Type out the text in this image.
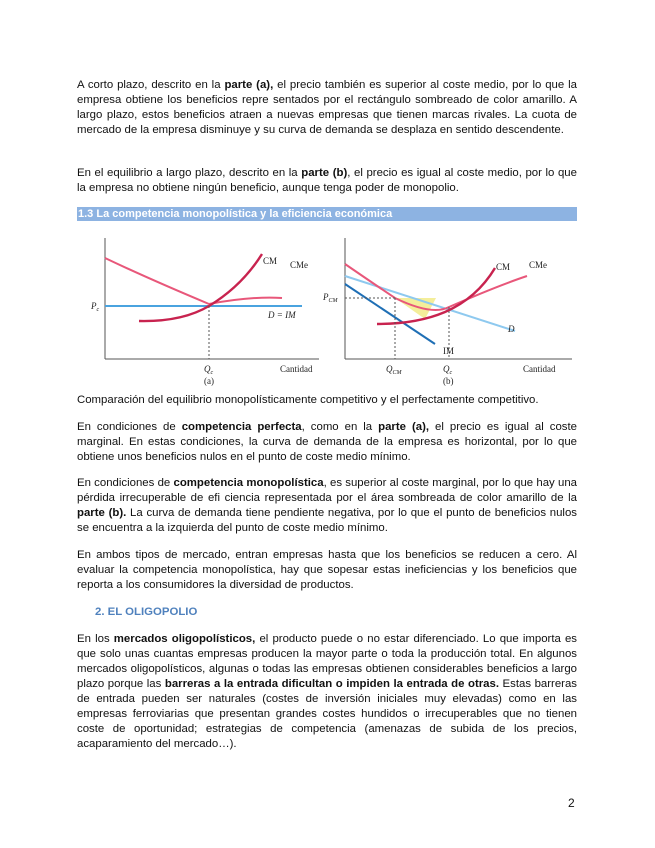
A corto plazo, descrito en la parte (a), el precio también es superior al coste medio, por lo que la empresa obtiene los beneficios repre sentados por el rectángulo sombreado de color amarillo. A largo plazo, estos beneficios atraen a nuevas empresas que tienen marcas rivales. La cuota de mercado de la empresa disminuye y su curva de demanda se desplaza en sentido descendente.

En el equilibrio a largo plazo, descrito en la parte (b), el precio es igual al coste medio, por lo que la empresa no obtiene ningún beneficio, aunque tenga poder de monopolio.

1.3 La competencia monopolística y la eficiencia económica
CM CMe
$P_c$	D = IM
$Q_c$	Cantidad
(a)
CM CMe
$P_{CM}$
D
IM
$Q_{CM}$	$Q_c$	Cantidad
(b)
Comparación del equilibrio monopolísticamente competitivo y el perfectamente competitivo.

En condiciones de competencia perfecta, como en la parte (a), el precio es igual al coste marginal. En estas condiciones, la curva de demanda de la empresa es horizontal, por lo que obtiene unos beneficios nulos en el punto de coste medio mínimo.

En condiciones de competencia monopolística, es superior al coste marginal, por lo que hay una pérdida irrecuperable de efi ciencia representada por el área sombreada de color amarillo de la parte (b). La curva de demanda tiene pendiente negativa, por lo que el punto de beneficios nulos se encuentra a la izquierda del punto de coste medio mínimo.

En ambos tipos de mercado, entran empresas hasta que los beneficios se reducen a cero. Al evaluar la competencia monopolística, hay que sopesar estas ineficiencias y los beneficios que reporta a los consumidores la diversidad de productos.

2. EL OLIGOPOLIO

En los mercados oligopolísticos, el producto puede o no estar diferenciado. Lo que importa es que solo unas cuantas empresas producen la mayor parte o toda la producción total. En algunos mercados oligopolísticos, algunas o todas las empresas obtienen considerables beneficios a largo plazo porque las barreras a la entrada dificultan o impiden la entrada de otras. Estas barreras de entrada pueden ser naturales (costes de inversión iniciales muy elevadas) como en las empresas ferroviarias que presentan grandes costes hundidos o irrecuperables que no tienen coste de oportunidad; estrategias de competencia (amenazas de subida de los precios, acaparamiento del mercado…).

2
